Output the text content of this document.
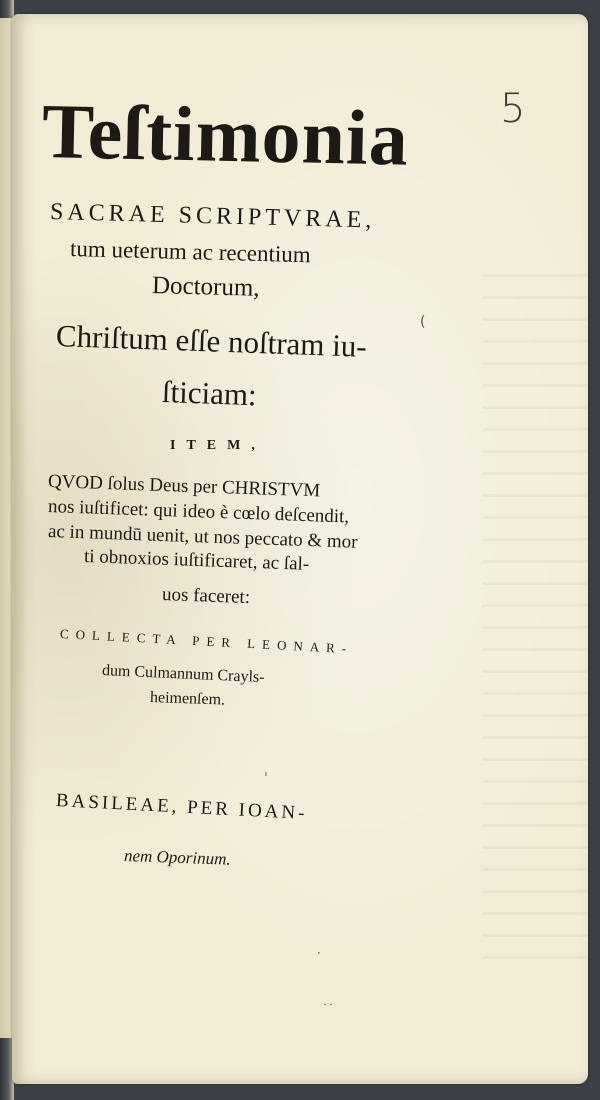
5
Teſtimonia

SACRAE SCRIPTVRAE,

tum ueterum ac recentium

Doctorum,

Chriſtum eſſe noſtram iu-

ſticiam:

ITEM,

QVOD ſolus Deus per CHRISTVM

nos iuſtificet: qui ideo è cœlo deſcendit,

ac in mundū uenit, ut nos peccato & mor

ti obnoxios iuſtificaret, ac ſal-

uos faceret:

COLLECTA PER LEONAR-

dum Culmannum Crayls-

heimenſem.

BASILEAE, PER IOAN-

nem Oporinum.

ˌ
·
˙˙
(
